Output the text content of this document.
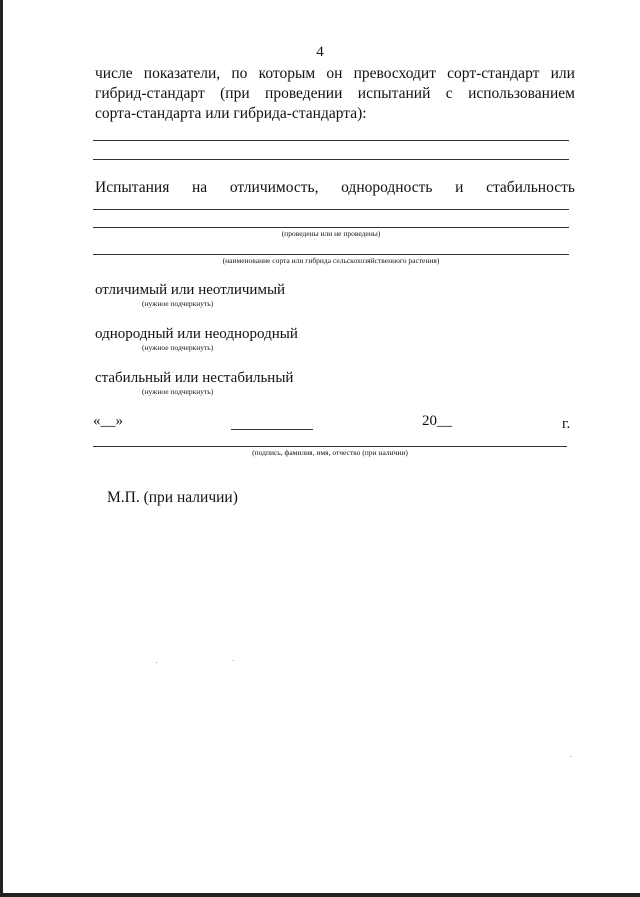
4
числе показатели, по которым он превосходит сорт-стандарт или
гибрид-стандарт (при проведении испытаний с использованием
сорта-стандарта или гибрида-стандарта):
Испытания на отличимость, однородность и стабильность
(проведены или не проведены)
(наименование сорта или гибрида сельскохозяйственного растения)
отличимый или неотличимый
(нужное подчеркнуть)
однородный или неоднородный
(нужное подчеркнуть)
стабильный или нестабильный
(нужное подчеркнуть)
«__»	20__	г.
(подпись, фамилия, имя, отчество (при наличии)
М.П. (при наличии)
